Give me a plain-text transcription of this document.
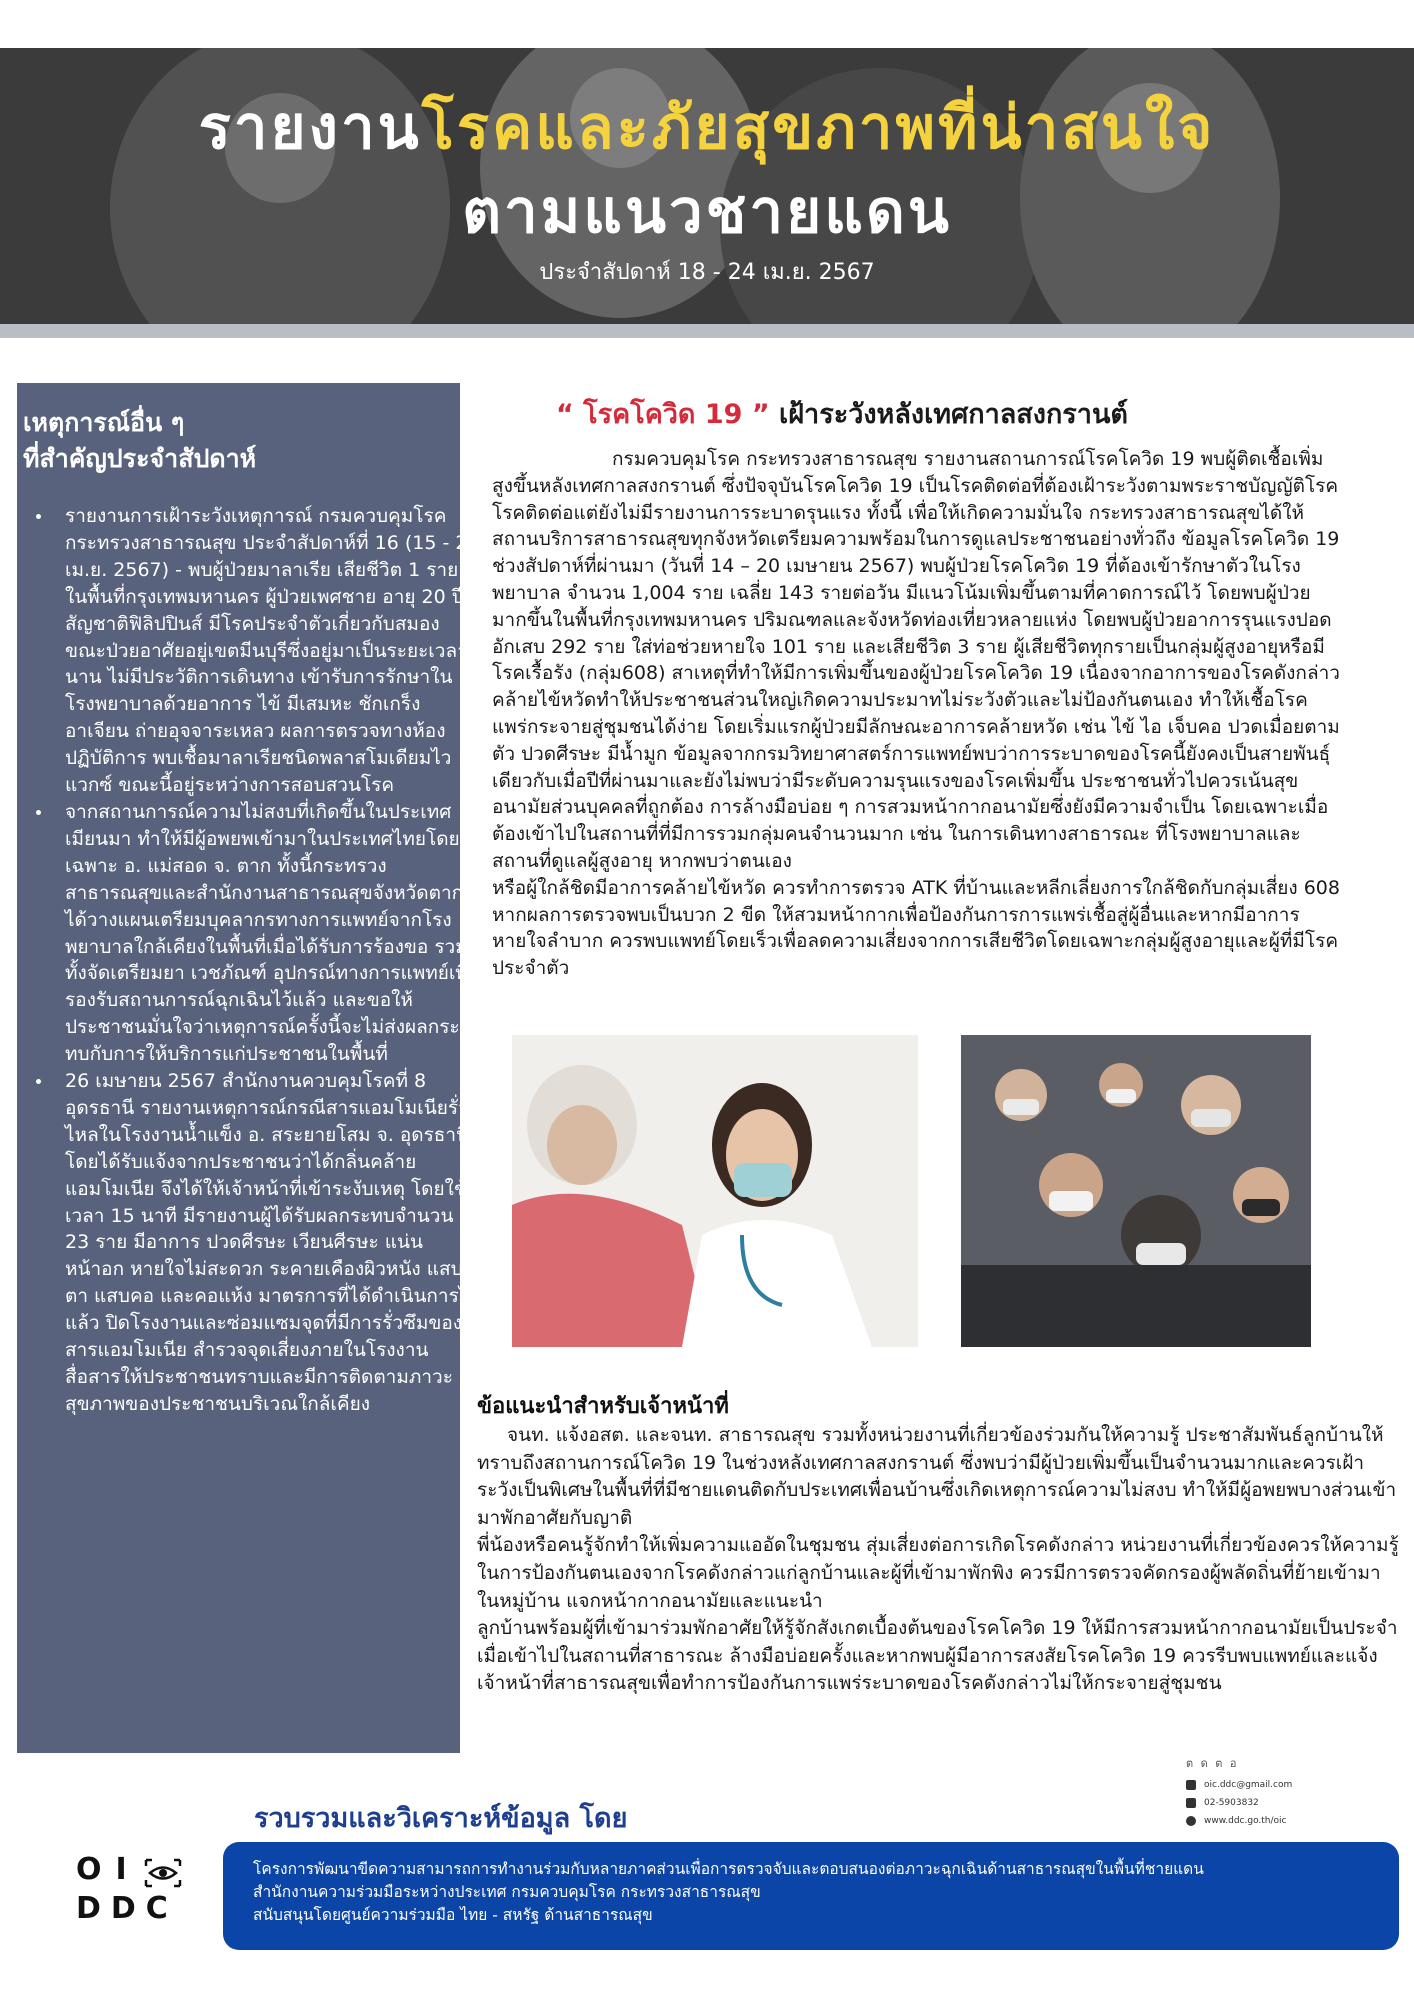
รายงานโรคและภัยสุขภาพที่น่าสนใจ
ตามแนวชายแดน
ประจำสัปดาห์ 18 - 24 เม.ย. 2567
เหตุการณ์อื่น ๆ
ที่สำคัญประจำสัปดาห์
• รายงานการเฝ้าระวังเหตุการณ์ กรมควบคุมโรค กระทรวงสาธารณสุข ประจำสัปดาห์ที่ 16 (15 - 21 เม.ย. 2567) - พบผู้ป่วยมาลาเรีย เสียชีวิต 1 ราย ในพื้นที่กรุงเทพมหานคร ผู้ป่วยเพศชาย อายุ 20 ปี สัญชาติฟิลิปปินส์ มีโรคประจำตัวเกี่ยวกับสมอง ขณะป่วยอาศัยอยู่เขตมีนบุรีซึ่งอยู่มาเป็นระยะเวลานาน ไม่มีประวัติการเดินทาง เข้ารับการรักษาในโรงพยาบาลด้วยอาการ ไข้ มีเสมหะ ชักเกร็ง อาเจียน ถ่ายอุจจาระเหลว ผลการตรวจทางห้องปฏิบัติการ พบเชื้อมาลาเรียชนิดพลาสโมเดียมไวแวกซ์ ขณะนี้อยู่ระหว่างการสอบสวนโรค
• จากสถานการณ์ความไม่สงบที่เกิดขึ้นในประเทศเมียนมา ทำให้มีผู้อพยพเข้ามาในประเทศไทยโดยเฉพาะ อ. แม่สอด จ. ตาก ทั้งนี้กระทรวงสาธารณสุขและสำนักงานสาธารณสุขจังหวัดตาก ได้วางแผนเตรียมบุคลากรทางการแพทย์จากโรงพยาบาลใกล้เคียงในพื้นที่เมื่อได้รับการร้องขอ รวมทั้งจัดเตรียมยา เวชภัณฑ์ อุปกรณ์ทางการแพทย์เพื่อรองรับสถานการณ์ฉุกเฉินไว้แล้ว และขอให้ประชาชนมั่นใจว่าเหตุการณ์ครั้งนี้จะไม่ส่งผลกระทบกับการให้บริการแก่ประชาชนในพื้นที่
• 26 เมษายน 2567 สำนักงานควบคุมโรคที่ 8 อุดรธานี รายงานเหตุการณ์กรณีสารแอมโมเนียรั่วไหลในโรงงานน้ำแข็ง อ. สระยายโสม จ. อุดรธานี โดยได้รับแจ้งจากประชาชนว่าได้กลิ่นคล้ายแอมโมเนีย จึงได้ให้เจ้าหน้าที่เข้าระงับเหตุ โดยใช้เวลา 15 นาที มีรายงานผู้ได้รับผลกระทบจำนวน 23 ราย มีอาการ ปวดศีรษะ เวียนศีรษะ แน่นหน้าอก หายใจไม่สะดวก ระคายเคืองผิวหนัง แสบตา แสบคอ และคอแห้ง มาตรการที่ได้ดำเนินการไปแล้ว ปิดโรงงานและซ่อมแซมจุดที่มีการรั่วซึมของสารแอมโมเนีย สำรวจจุดเสี่ยงภายในโรงงาน สื่อสารให้ประชาชนทราบและมีการติดตามภาวะสุขภาพของประชาชนบริเวณใกล้เคียง
“ โรคโควิด 19 ” เฝ้าระวังหลังเทศกาลสงกรานต์

กรมควบคุมโรค กระทรวงสาธารณสุข รายงานสถานการณ์โรคโควิด 19 พบผู้ติดเชื้อเพิ่มสูงขึ้นหลังเทศกาลสงกรานต์ ซึ่งปัจจุบันโรคโควิด 19 เป็นโรคติดต่อที่ต้องเฝ้าระวังตามพระราชบัญญัติโรคโรคติดต่อแต่ยังไม่มีรายงานการระบาดรุนแรง ทั้งนี้ เพื่อให้เกิดความมั่นใจ กระทรวงสาธารณสุขได้ให้สถานบริการสาธารณสุขทุกจังหวัดเตรียมความพร้อมในการดูแลประชาชนอย่างทั่วถึง ข้อมูลโรคโควิด 19 ช่วงสัปดาห์ที่ผ่านมา (วันที่ 14 – 20 เมษายน 2567) พบผู้ป่วยโรคโควิด 19 ที่ต้องเข้ารักษาตัวในโรงพยาบาล จำนวน 1,004 ราย เฉลี่ย 143 รายต่อวัน มีแนวโน้มเพิ่มขึ้นตามที่คาดการณ์ไว้ โดยพบผู้ป่วยมากขึ้นในพื้นที่กรุงเทพมหานคร ปริมณฑลและจังหวัดท่องเที่ยวหลายแห่ง โดยพบผู้ป่วยอาการรุนแรงปอดอักเสบ 292 ราย ใส่ท่อช่วยหายใจ 101 ราย และเสียชีวิต 3 ราย ผู้เสียชีวิตทุกรายเป็นกลุ่มผู้สูงอายุหรือมีโรคเรื้อรัง (กลุ่ม608) สาเหตุที่ทำให้มีการเพิ่มขึ้นของผู้ป่วยโรคโควิด 19 เนื่องจากอาการของโรคดังกล่าวคล้ายไข้หวัดทำให้ประชาชนส่วนใหญ่เกิดความประมาทไม่ระวังตัวและไม่ป้องกันตนเอง ทำให้เชื้อโรคแพร่กระจายสู่ชุมชนได้ง่าย โดยเริ่มแรกผู้ป่วยมีลักษณะอาการคล้ายหวัด เช่น ไข้ ไอ เจ็บคอ ปวดเมื่อยตามตัว ปวดศีรษะ มีน้ำมูก ข้อมูลจากกรมวิทยาศาสตร์การแพทย์พบว่าการระบาดของโรคนี้ยังคงเป็นสายพันธุ์เดียวกับเมื่อปีที่ผ่านมาและยังไม่พบว่ามีระดับความรุนแรงของโรคเพิ่มขึ้น ประชาชนทั่วไปควรเน้นสุขอนามัยส่วนบุคคลที่ถูกต้อง การล้างมือบ่อย ๆ การสวมหน้ากากอนามัยซึ่งยังมีความจำเป็น โดยเฉพาะเมื่อต้องเข้าไปในสถานที่ที่มีการรวมกลุ่มคนจำนวนมาก เช่น ในการเดินทางสาธารณะ ที่โรงพยาบาลและสถานที่ดูแลผู้สูงอายุ หากพบว่าตนเอง

หรือผู้ใกล้ชิดมีอาการคล้ายไข้หวัด ควรทำการตรวจ ATK ที่บ้านและหลีกเลี่ยงการใกล้ชิดกับกลุ่มเสี่ยง 608 หากผลการตรวจพบเป็นบวก 2 ขีด ให้สวมหน้ากากเพื่อป้องกันการการแพร่เชื้อสู่ผู้อื่นและหากมีอาการหายใจลำบาก ควรพบแพทย์โดยเร็วเพื่อลดความเสี่ยงจากการเสียชีวิตโดยเฉพาะกลุ่มผู้สูงอายุและผู้ที่มีโรคประจำตัว

ข้อแนะนำสำหรับเจ้าหน้าที่

จนท. แจ้งอสต. และจนท. สาธารณสุข รวมทั้งหน่วยงานที่เกี่ยวข้องร่วมกันให้ความรู้ ประชาสัมพันธ์ลูกบ้านให้ทราบถึงสถานการณ์โควิด 19 ในช่วงหลังเทศกาลสงกรานต์ ซึ่งพบว่ามีผู้ป่วยเพิ่มขึ้นเป็นจำนวนมากและควรเฝ้าระวังเป็นพิเศษในพื้นที่ที่มีชายแดนติดกับประเทศเพื่อนบ้านซึ่งเกิดเหตุการณ์ความไม่สงบ ทำให้มีผู้อพยพบางส่วนเข้ามาพักอาศัยกับญาติ

พี่น้องหรือคนรู้จักทำให้เพิ่มความแออัดในชุมชน สุ่มเสี่ยงต่อการเกิดโรคดังกล่าว หน่วยงานที่เกี่ยวข้องควรให้ความรู้ในการป้องกันตนเองจากโรคดังกล่าวแก่ลูกบ้านและผู้ที่เข้ามาพักพิง ควรมีการตรวจคัดกรองผู้พลัดถิ่นที่ย้ายเข้ามาในหมู่บ้าน แจกหน้ากากอนามัยและแนะนำ

ลูกบ้านพร้อมผู้ที่เข้ามาร่วมพักอาศัยให้รู้จักสังเกตเบื้องต้นของโรคโควิด 19 ให้มีการสวมหน้ากากอนามัยเป็นประจำเมื่อเข้าไปในสถานที่สาธารณะ ล้างมือบ่อยครั้งและหากพบผู้มีอาการสงสัยโรคโควิด 19 ควรรีบพบแพทย์และแจ้งเจ้าหน้าที่สาธารณสุขเพื่อทำการป้องกันการแพร่ระบาดของโรคดังกล่าวไม่ให้กระจายสู่ชุมชน

รวบรวมและวิเคราะห์ข้อมูล โดย
ต ด ต อ
oic.ddc@gmail.com
02-5903832
www.ddc.go.th/oic
OI
DDC
โครงการพัฒนาขีดความสามารถการทำงานร่วมกับหลายภาคส่วนเพื่อการตรวจจับและตอบสนองต่อภาวะฉุกเฉินด้านสาธารณสุขในพื้นที่ชายแดน
สำนักงานความร่วมมือระหว่างประเทศ กรมควบคุมโรค กระทรวงสาธารณสุข
สนับสนุนโดยศูนย์ความร่วมมือ ไทย - สหรัฐ ด้านสาธารณสุข
